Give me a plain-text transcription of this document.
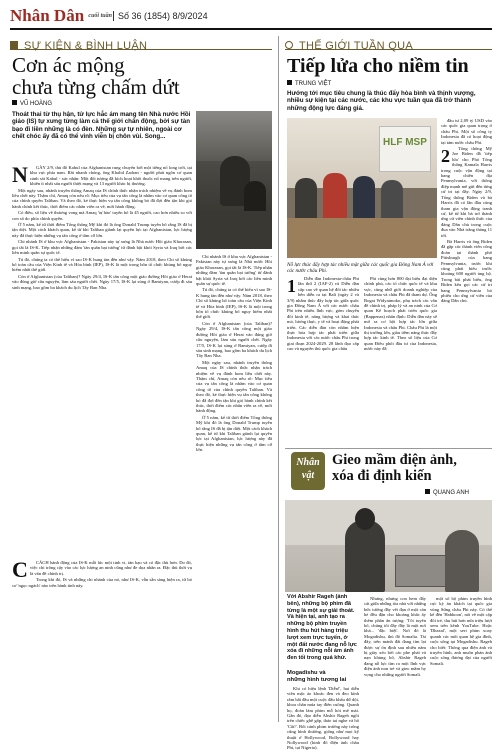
Nhân Dân $^{cuối tuần}$ Số 36 (1854) 8/9/2024
SỰ KIỆN & BÌNH LUẬN
Cơn ác mộng
chưa từng chấm dứt
VŨ HOÀNG
Thoát thai từ thụ hận, tử lực hắc ám mang tên Nhà nước Hồi giáo (IS) tự xưng từng làm cả thế giới chấn động, bởi sự tàn bạo đi liền những là có đèn. Những sự tự nhiên, ngoài cơ chết chóc ấy đã có thể vinh viễn bị chôn vùi. Song...
N	GÀY 2/9, thủ đô Kabul của Afghanistan rung chuyển bởi một tiếng nổ long trời, tại khu vực phía nam. Rất nhanh chóng, ông Khalid Zadran - người phát ngôn cơ quan cảnh sát Kabul - xác nhận: Một đối tượng đã kích hoạt khối thuốc nổ mang trên người, khiến ít nhất sáu người thiệt mạng và 13 người khác bị thương.

Một ngày sau, nhánh truyền thông Amaq của IS chính thức nhận trách nhiệm về vụ đánh bom liều chết này. Thậm chí, Amaq còn nêu rõ: Mục tiêu của vụ tấn công là nhằm vào cơ quan công tố của chính quyền Taliban. Và theo đó, kẻ thực hiện vụ tấn công không bỏ đã đợi đến tận khi gió hành chính kết thúc, thời điểm các nhân viên ra về, mới hành động.

Có điều, số liệu về thương vong mà Amaq 'tự hào' tuyên bố là 45 người, cao hơn nhiều so với con số do phía chính quyền.

Ở 5 năm, kể từ thời điểm Tổng thống Mỹ khi đó là ông Donald Trump tuyên bố rằng IS đã bị tận diệt. Một cách khách quan, kể từ khi Taliban giành lại quyền lực tại Afghanistan, lực lượng này đã thực hiện những vụ tấn công ở tầm cỡ lớn.

Chỉ nhánh IS ở khu vực Afghanistan - Pakistan này tự xưng là Nhà nước Hồi giáo Khorasan, gọi tắt là IS-K. Tiếp nhận những đàm 'tàn quân bại tướng' từ đánh bật khỏi Syria và Iraq bởi các liên minh quân sự quốc tế.

Tú đó, chúng ta có thể hiểu vì sao IS-K hung tàn đến như vậy. Năm 2018, theo Chỉ số khủng bố toàn cầu của Viện Kinh tế và Hòa bình (IEP), IS-K là một trong bốn tổ chức khủng bố nguy hiểm nhất thế giới.

Còn ở Afghanistan (của Taliban)? Ngày 29/4, IS-K tấn công một giáo đường Hồi giáo ở Herat vào đúng giờ cầu nguyện, làm sáu người chết. Ngày 17/5, IS-K lại súng ở Bamiyan, cướp đi sáu sinh mạng, bao gồm ba khách du lịch Tây Ban Nha.

C	CÁCH hành động của IS-K mỗi lúc một tinh vi, tàn bạo và có đặc thù hơn. Do đó, việc chỉ trông cậy vào các lực lượng an ninh cũng như đe dọa nhân ra. Đặc thù thời vụ là vấn đề chính trị.

Trong khi đó, IS và những chi nhánh của nó, như IS-K, vẫn sẵn sàng hiện ra, từ bỏ cơ 'ngọc ngách' nào trên hành tinh này.

Chỉ nhánh IS ở khu vực Afghanistan - Pakistan này tự xưng là Nhà nước Hồi giáo Khorasan, gọi tắt là IS-K. Tiếp nhận những đàm 'tàn quân bại tướng' từ đánh bật khỏi Syria và Iraq bởi các liên minh quân sự quốc tế.

Tú đó, chúng ta có thể hiểu vì sao IS-K hung tàn đến như vậy. Năm 2018, theo Chỉ số khủng bố toàn cầu của Viện Kinh tế và Hòa bình (IEP), IS-K là một trong bốn tổ chức khủng bố nguy hiểm nhất thế giới.

Còn ở Afghanistan (của Taliban)? Ngày 29/4, IS-K tấn công một giáo đường Hồi giáo ở Herat vào đúng giờ cầu nguyện, làm sáu người chết. Ngày 17/5, IS-K lại súng ở Bamiyan, cướp đi sáu sinh mạng, bao gồm ba khách du lịch Tây Ban Nha.

Một ngày sau, nhánh truyền thông Amaq của IS chính thức nhận trách nhiệm về vụ đánh bom liều chết này. Thậm chí, Amaq còn nêu rõ: Mục tiêu của vụ tấn công là nhằm vào cơ quan công tố của chính quyền Taliban. Và theo đó, kẻ thực hiện vụ tấn công không bỏ đã đợi đến tận khi gió hành chính kết thúc, thời điểm các nhân viên ra về, mới hành động.

Ở 5 năm, kể từ thời điểm Tổng thống Mỹ khi đó là ông Donald Trump tuyên bố rằng IS đã bị tận diệt. Một cách khách quan, kể từ khi Taliban giành lại quyền lực tại Afghanistan, lực lượng này đã thực hiện những vụ tấn công ở tầm cỡ lớn.

THẾ GIỚI TUẦN QUA
Tiếp lửa cho niềm tin
TRUNG VIỆT
Hướng tới mục tiêu chung là thúc đẩy hòa bình và thịnh vượng, nhiều sự kiện tại các nước, các khu vực tuần qua đã trở thành những động lực đáng giá.
HLF MSP
Nỗ lực thúc đẩy hợp tác nhiều mặt giữa các quốc gia Đông Nam Á với các nước châu Phi.

đầu tư 2,09 tỷ USD vào các quốc gia quan trọng ở châu Phi. Một số công ty Indonesia đã có hoạt động tại tám nước châu Phi.

2	Tổng thống Mỹ Joe Biden đã 'tiếp lửa' cho Phó Tổng thống Kamala Harris trong cuộc vận động tại bang chiến địa Pennsylvania, với thông điệp mạnh mẽ gửi đến từng cử tri tại đây. Ngày 2/9, Tổng thống Biden và bà Harris đã có lần đầu cùng tham gia vận động tranh cử, kể từ khi bà trở thành ứng cử viên chính thức của đảng Dân chủ trong cuộc đua vào Nhà trắng tháng 11 tới.

Bà Harris và ông Biden đã gặp các thành viên công đoàn tại thành phố Pittsburgh của bang Pennsylvania, trước khi cùng phát biểu trước khoảng 600 người ủng hộ. Trong bài phát biểu, ông Biden kêu gọi các cử tri bang Pennsylvania bỏ phiếu cho ứng cử viên của đảng Dân chủ.

1	Diễn đàn Indonesia-châu Phi lần thứ 2 (IAF-2) và Diễn đàn cấp cao về quan hệ đối tác nhiều bên diễn ra tại Bali (ngày 2 và 3/9) nhằm thúc đẩy hợp tác giữa quốc gia Đông Nam Á với các nước châu Phi trên nhiều lĩnh vực, góm chuyển đổi kinh tế, năng lượng và khai thác mỏ, lương thực, y tế và hoạt động phát triển. Các diễn đàn còn nhằm hiện thực hóa hợp tác phát triển giữa Indonesia với các nước châu Phi trong giai đoạn 2024-2029. 28 lãnh đạo cấp cao và nguyên thủ quốc gia châu

Phi cùng hơn 800 đại biểu đại diện chính phủ, các tổ chức quốc tế và khu vực, cùng nhữ giới doanh nghiệp của Indonesia và châu Phi đã tham dự. Ông Bogat Widyatmoko, phụ trách các vấn đề chính trị, pháp lý và an ninh của Cơ quan Kế hoạch phát triển quốc gia (Bappenas) nhấn định: Diễn đàn này sẽ mở ra cơ hội hợp tác lớn giữa Indonesia và châu Phi. Châu Phi là một thị trường lớn, giàu tiềm năng thúc đẩy hợp tác kinh tế. Theo số liệu của Cơ quan Điều phối đầu tư của Indonesia, nước này đã

Nhân
vật
Gieo mầm điện ảnh,
xóa đi định kiến
QUANG ANH
Với Abshir Rageh (ảnh bên), những bộ phim đã từng là một sự giải thoát. Và hiện tại, anh tạo ra những bộ phim truyền hình thu hút hàng triệu lượt xem trực tuyến, ở một đất nước đang nỗ lực xóa đi những nỗi ám ảnh đen tối trong quá khứ.
Mogadishu và
những hình tương lai

Khi có hiệu lệnh 'Diễn!', hai diễn viên mặc áo khoác đen và đeo kính râm bắt đầu một cuộc đấu khẩu dữ dội, khoa chân múa tay điên cuồng. Quanh họ, đoàn làm phim mỗ hói mê mải. Gần đó, đạo diễn Abshir Rageh ngồi trên chiếc ghế gấp, tháo tai nghe và hô 'Cắt!'. Bối cảnh phim trường này trông cũng bình thường, giống như mọi kỹ thuật ở Hollywood, Bollywood hay Nollywood (kinh đô điện ảnh châu Phi, tại Nigeria).

Nhưng, nhưng con hem đẩy cát giữa những tòa nhà với những bức tường đầy vết đạn ở một căn hẻ đều đặn cho khoảng khắc ấy thêm phần ấn tượng: 'Tôi tuyên bố, chúng tôi đây đây là một nơi khá... 'đặc biệt'. Nơi đó là Mogadishu, thủ đô Somalia. Tài đây, trên mảnh đất đang tìm lại được sự ổn định sau nhiều năm bị giày xéo bởi các phe phái và nạn khủng bố, Abshir Rageh đang nỗ lực tìm ra một lĩnh vực điện ảnh non trẻ và gieo mầm hy vọng cho những người Somali.

một số bộ phim truyền hình cực kỳ ăn khách tại quốc gia vùng Sừng châu Phi này. Có thể kể đến 'Habboon', nói về một cặp đôi trẻ, thu hút hơn nửa triệu lượt xem trên kênh YouTube. Hoặc 'Dhaxal', một seri phim xoay quanh các mối quan hệ gia đình, cuộc sống tại Mogadishu. Rageh cho biết: Thông qua điện ảnh và truyền hình, anh muốn phản ánh cuộc sống đương đại của người Somali.
